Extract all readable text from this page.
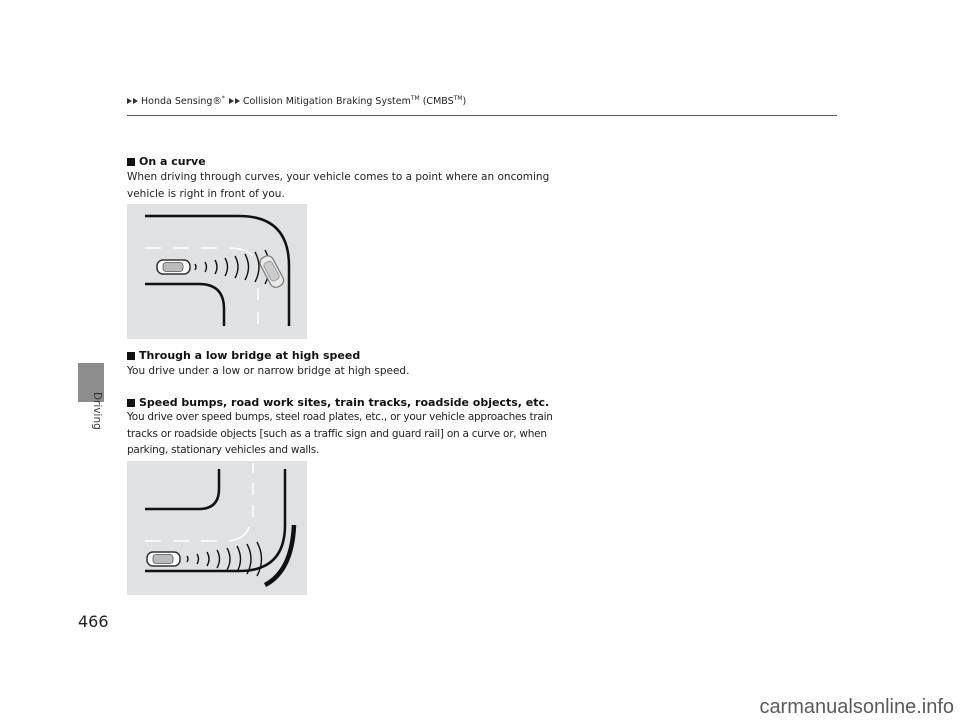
Honda Sensing®* Collision Mitigation Braking System™ (CMBS™)
Driving
On a curve
When driving through curves, your vehicle comes to a point where an oncoming vehicle is right in front of you.
Through a low bridge at high speed
You drive under a low or narrow bridge at high speed.
Speed bumps, road work sites, train tracks, roadside objects, etc.
You drive over speed bumps, steel road plates, etc., or your vehicle approaches train tracks or roadside objects [such as a traffic sign and guard rail] on a curve or, when parking, stationary vehicles and walls.
466
carmanualsonline.info
